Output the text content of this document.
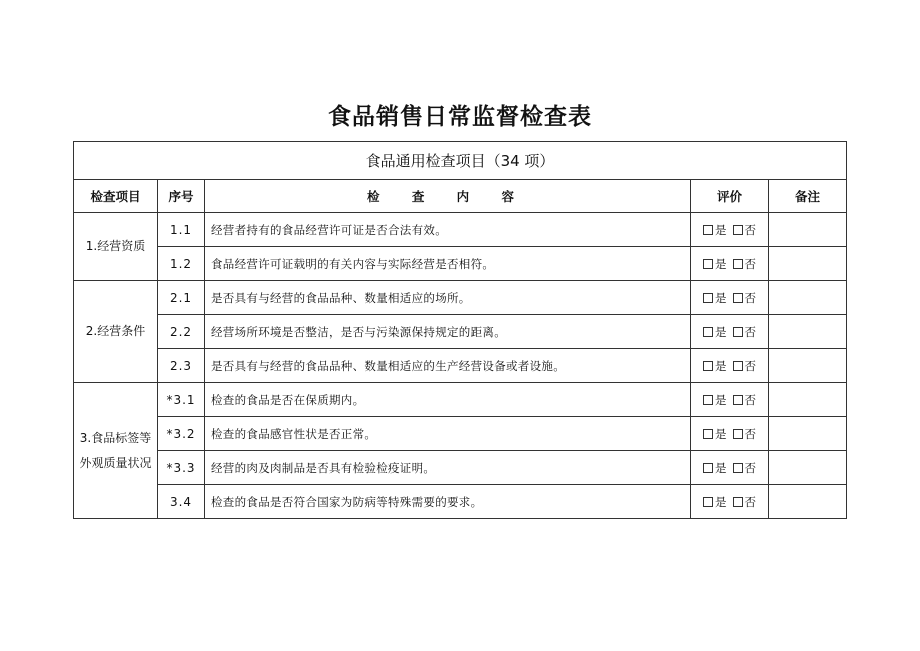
食品销售日常监督检查表
食品通用检查项目（34 项）				
检查项目	序号	检 查 内 容	评价	备注
1.经营资质	1.1	经营者持有的食品经营许可证是否合法有效。	是 否	
	1.2	食品经营许可证载明的有关内容与实际经营是否相符。	是 否	
2.经营条件	2.1	是否具有与经营的食品品种、数量相适应的场所。	是 否	
	2.2	经营场所环境是否整洁，是否与污染源保持规定的距离。	是 否	
	2.3	是否具有与经营的食品品种、数量相适应的生产经营设备或者设施。	是 否	
3.食品标签等外观质量状况	*3.1	检查的食品是否在保质期内。	是 否	
	*3.2	检查的食品感官性状是否正常。	是 否	
	*3.3	经营的肉及肉制品是否具有检验检疫证明。	是 否	
	3.4	检查的食品是否符合国家为防病等特殊需要的要求。	是 否	
